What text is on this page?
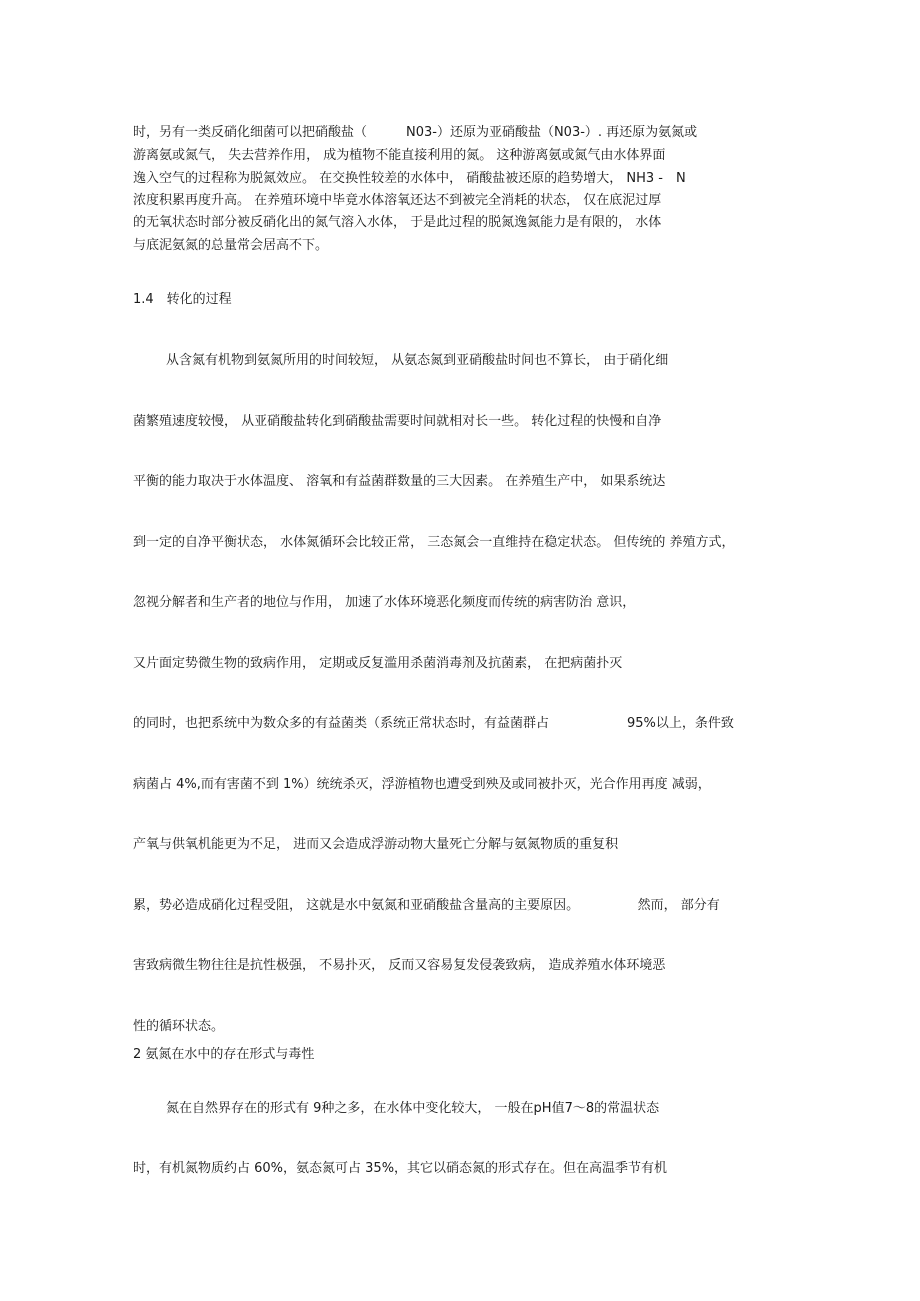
时，另有一类反硝化细菌可以把硝酸盐（　　　N03-）还原为亚硝酸盐（N03-）. 再还原为氨氮或
游离氨或氮气， 失去营养作用， 成为植物不能直接利用的氮。 这种游离氨或氮气由水体界面
逸入空气的过程称为脱氮效应。 在交换性较差的水体中， 硝酸盐被还原的趋势增大， NH3 -　N
浓度积累再度升高。 在养殖环境中毕竟水体溶氧还达不到被完全消耗的状态， 仅在底泥过厚
的无氧状态时部分被反硝化出的氮气溶入水体， 于是此过程的脱氮逸氮能力是有限的， 水体
与底泥氨氮的总量常会居高不下。
1.4　转化的过程
从含氮有机物到氨氮所用的时间较短， 从氨态氮到亚硝酸盐时间也不算长， 由于硝化细
菌繁殖速度较慢， 从亚硝酸盐转化到硝酸盐需要时间就相对长一些。 转化过程的快慢和自净
平衡的能力取决于水体温度、 溶氧和有益菌群数量的三大因素。 在养殖生产中， 如果系统达
到一定的自净平衡状态， 水体氮循环会比较正常， 三态氮会一直维持在稳定状态。 但传统的 养殖方式，
忽视分解者和生产者的地位与作用， 加速了水体环境恶化频度而传统的病害防治 意识，
又片面定势微生物的致病作用， 定期或反复滥用杀菌消毒剂及抗菌素， 在把病菌扑灭
的同时，也把系统中为数众多的有益菌类（系统正常状态时，有益菌群占　　　　　　95%以上，条件致
病菌占 4%,而有害菌不到 1%）统统杀灭，浮游植物也遭受到殃及或同被扑灭，光合作用再度 减弱，
产氧与供氧机能更为不足， 进而又会造成浮游动物大量死亡分解与氨氮物质的重复积
累，势必造成硝化过程受阻， 这就是水中氨氮和亚硝酸盐含量高的主要原因。　　　　　然而， 部分有
害致病微生物往往是抗性极强， 不易扑灭， 反而又容易复发侵袭致病， 造成养殖水体环境恶
性的循环状态。
2 氨氮在水中的存在形式与毒性
氮在自然界存在的形式有 9种之多，在水体中变化较大， 一般在pH值7～8的常温状态
时，有机氮物质约占 60%，氨态氮可占 35%，其它以硝态氮的形式存在。但在高温季节有机
